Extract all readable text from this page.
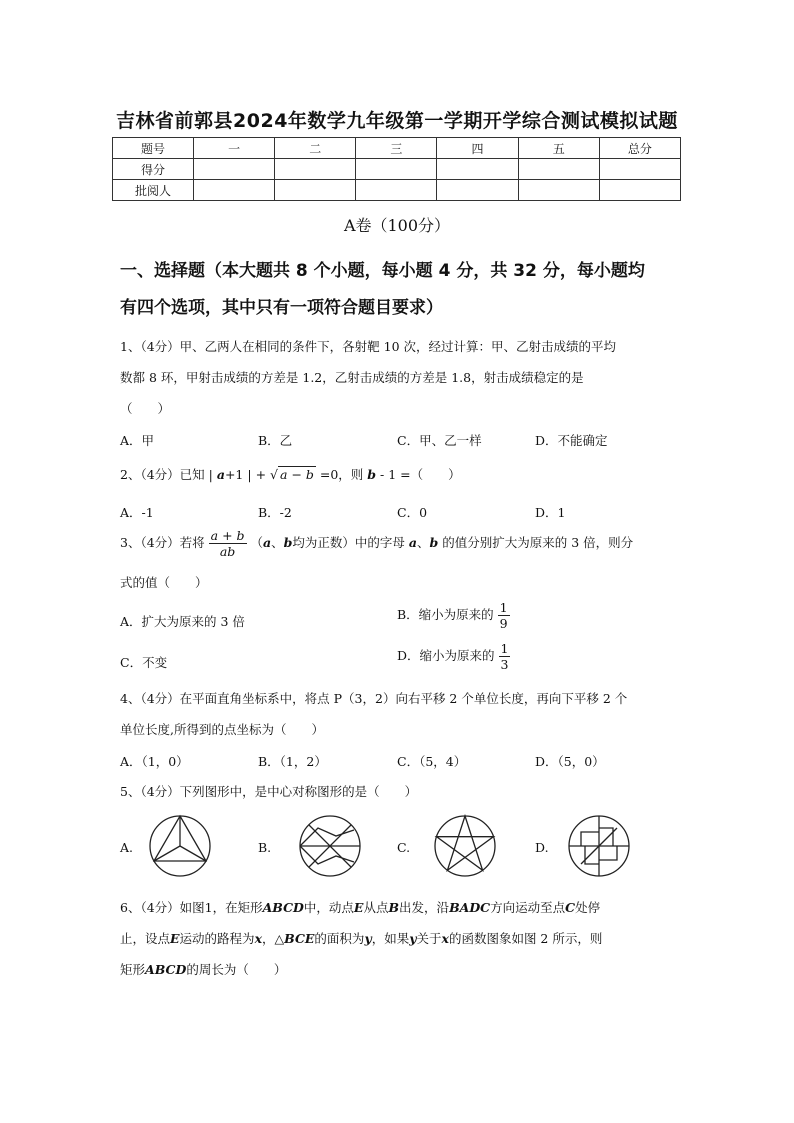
吉林省前郭县2024年数学九年级第一学期开学综合测试模拟试题
题号	一	二	三	四	五	总分
得分						
批阅人						
A卷（100分）
一、选择题（本大题共 8 个小题，每小题 4 分，共 32 分，每小题均
有四个选项，其中只有一项符合题目要求）
1、（4分）甲、乙两人在相同的条件下，各射靶 10 次，经过计算：甲、乙射击成绩的平均
数都 8 环，甲射击成绩的方差是 1.2，乙射击成绩的方差是 1.8，射击成绩稳定的是
（　　）
A．甲	B．乙	C．甲、乙一样	D．不能确定
2、（4分）已知 | a+1 | + √ a − b =0，则 b - 1 =（　　）
A．-1	B．-2	C．0	D．1
3、（4分）若将 $\frac{a + b}{ab} (a$、b均为正数）中的字母 a、b 的值分别扩大为原来的 3 倍，则分
式的值（　　）
A．扩大为原来的 3 倍	B．缩小为原来的 $\frac{1}{9}$
C．不变	D．缩小为原来的 $\frac{1}{3}$
4、（4分）在平面直角坐标系中，将点 P（3，2）向右平移 2 个单位长度，再向下平移 2 个
单位长度,所得到的点坐标为（　　）
A．（1，0）	B．（1，2）	C．（5，4）	D．（5，0）
5、（4分）下列图形中，是中心对称图形的是（　　）
A.	B.	C.	D.
6、（4分）如图1，在矩形ABCD中，动点E从点B出发，沿BADC方向运动至点C处停
止，设点E运动的路程为x，△BCE的面积为y，如果y关于x的函数图象如图 2 所示，则
矩形ABCD的周长为（　　）
